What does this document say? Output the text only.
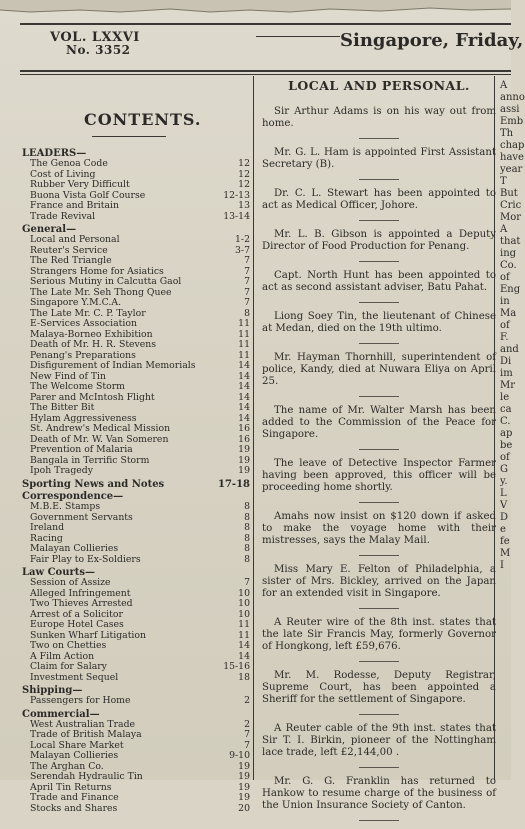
VOL. LXXVI
No. 3352	Singapore, Friday,
CONTENTS.
LEADERS—
The Genoa Code	12
Cost of Living	12
Rubber Very Difficult	12
Buona Vista Golf Course	12-13
France and Britain	13
Trade Revival	13-14
General—
Local and Personal	1-2
Reuter's Service	3-7
The Red Triangle	7
Strangers Home for Asiatics	7
Serious Mutiny in Calcutta Gaol	7
The Late Mr. Seh Thong Quee	7
Singapore Y.M.C.A.	7
The Late Mr. C. P. Taylor	8
E-Services Association	11
Malaya-Borneo Exhibition	11
Death of Mr. H. R. Stevens	11
Penang's Preparations	11
Disfigurement of Indian Memorials	14
New Find of Tin	14
The Welcome Storm	14
Parer and McIntosh Flight	14
The Bitter Bit	14
Hylam Aggressiveness	14
St. Andrew's Medical Mission	16
Death of Mr. W. Van Someren	16
Prevention of Malaria	19
Bangala in Terrific Storm	19
Ipoh Tragedy	19
Sporting News and Notes	17-18
Correspondence—
M.B.E. Stamps	8
Government Servants	8
Ireland	8
Racing	8
Malayan Collieries	8
Fair Play to Ex-Soldiers	8
Law Courts—
Session of Assize	7
Alleged Infringement	10
Two Thieves Arrested	10
Arrest of a Solicitor	10
Europe Hotel Cases	11
Sunken Wharf Litigation	11
Two on Chetties	14
A Film Action	14
Claim for Salary	15-16
Investment Sequel	18
Shipping—
Passengers for Home	2
Commercial—
West Australian Trade	2
Trade of British Malaya	7
Local Share Market	7
Malayan Collieries	9-10
The Arghan Co.	19
Serendah Hydraulic Tin	19
April Tin Returns	19
Trade and Finance	19
Stocks and Shares	20
LOCAL AND PERSONAL.
Sir Arthur Adams is on his way out from home.
Mr. G. L. Ham is appointed First Assistant Secretary (B).
Dr. C. L. Stewart has been appointed to act as Medical Officer, Johore.
Mr. L. B. Gibson is appointed a Deputy Director of Food Production for Penang.
Capt. North Hunt has been appointed to act as second assistant adviser, Batu Pahat.
Liong Soey Tin, the lieutenant of Chinese at Medan, died on the 19th ultimo.
Mr. Hayman Thornhill, superintendent of police, Kandy, died at Nuwara Eliya on April 25.
The name of Mr. Walter Marsh has been added to the Commission of the Peace for Singapore.
The leave of Detective Inspector Farmer having been approved, this officer will be proceeding home shortly.
Amahs now insist on $120 down if asked to make the voyage home with their mistresses, says the Malay Mail.
Miss Mary E. Felton of Philadelphia, a sister of Mrs. Bickley, arrived on the Japan for an extended visit in Singapore.
A Reuter wire of the 8th inst. states that the late Sir Francis May, formerly Governor of Hongkong, left £59,676.
Mr. M. Rodesse, Deputy Registrar, Supreme Court, has been appointed a Sheriff for the settlement of Singapore.
A Reuter cable of the 9th inst. states that Sir T. I. Birkin, pioneer of the Nottingham lace trade, left £2,144,00 .
Mr. G. G. Franklin has returned to Hankow to resume charge of the business of the Union Insurance Society of Canton.
A
anno
assi
Emb
Th
chap
have
year
T
But
Cric
Mor
A
that
ing
Co.
of
Eng
in
Ma
of
F.
and
Di
im
Mr
le
ca
C.
ap
be
of
G
y.
L
V
D
e
fe
M
I
